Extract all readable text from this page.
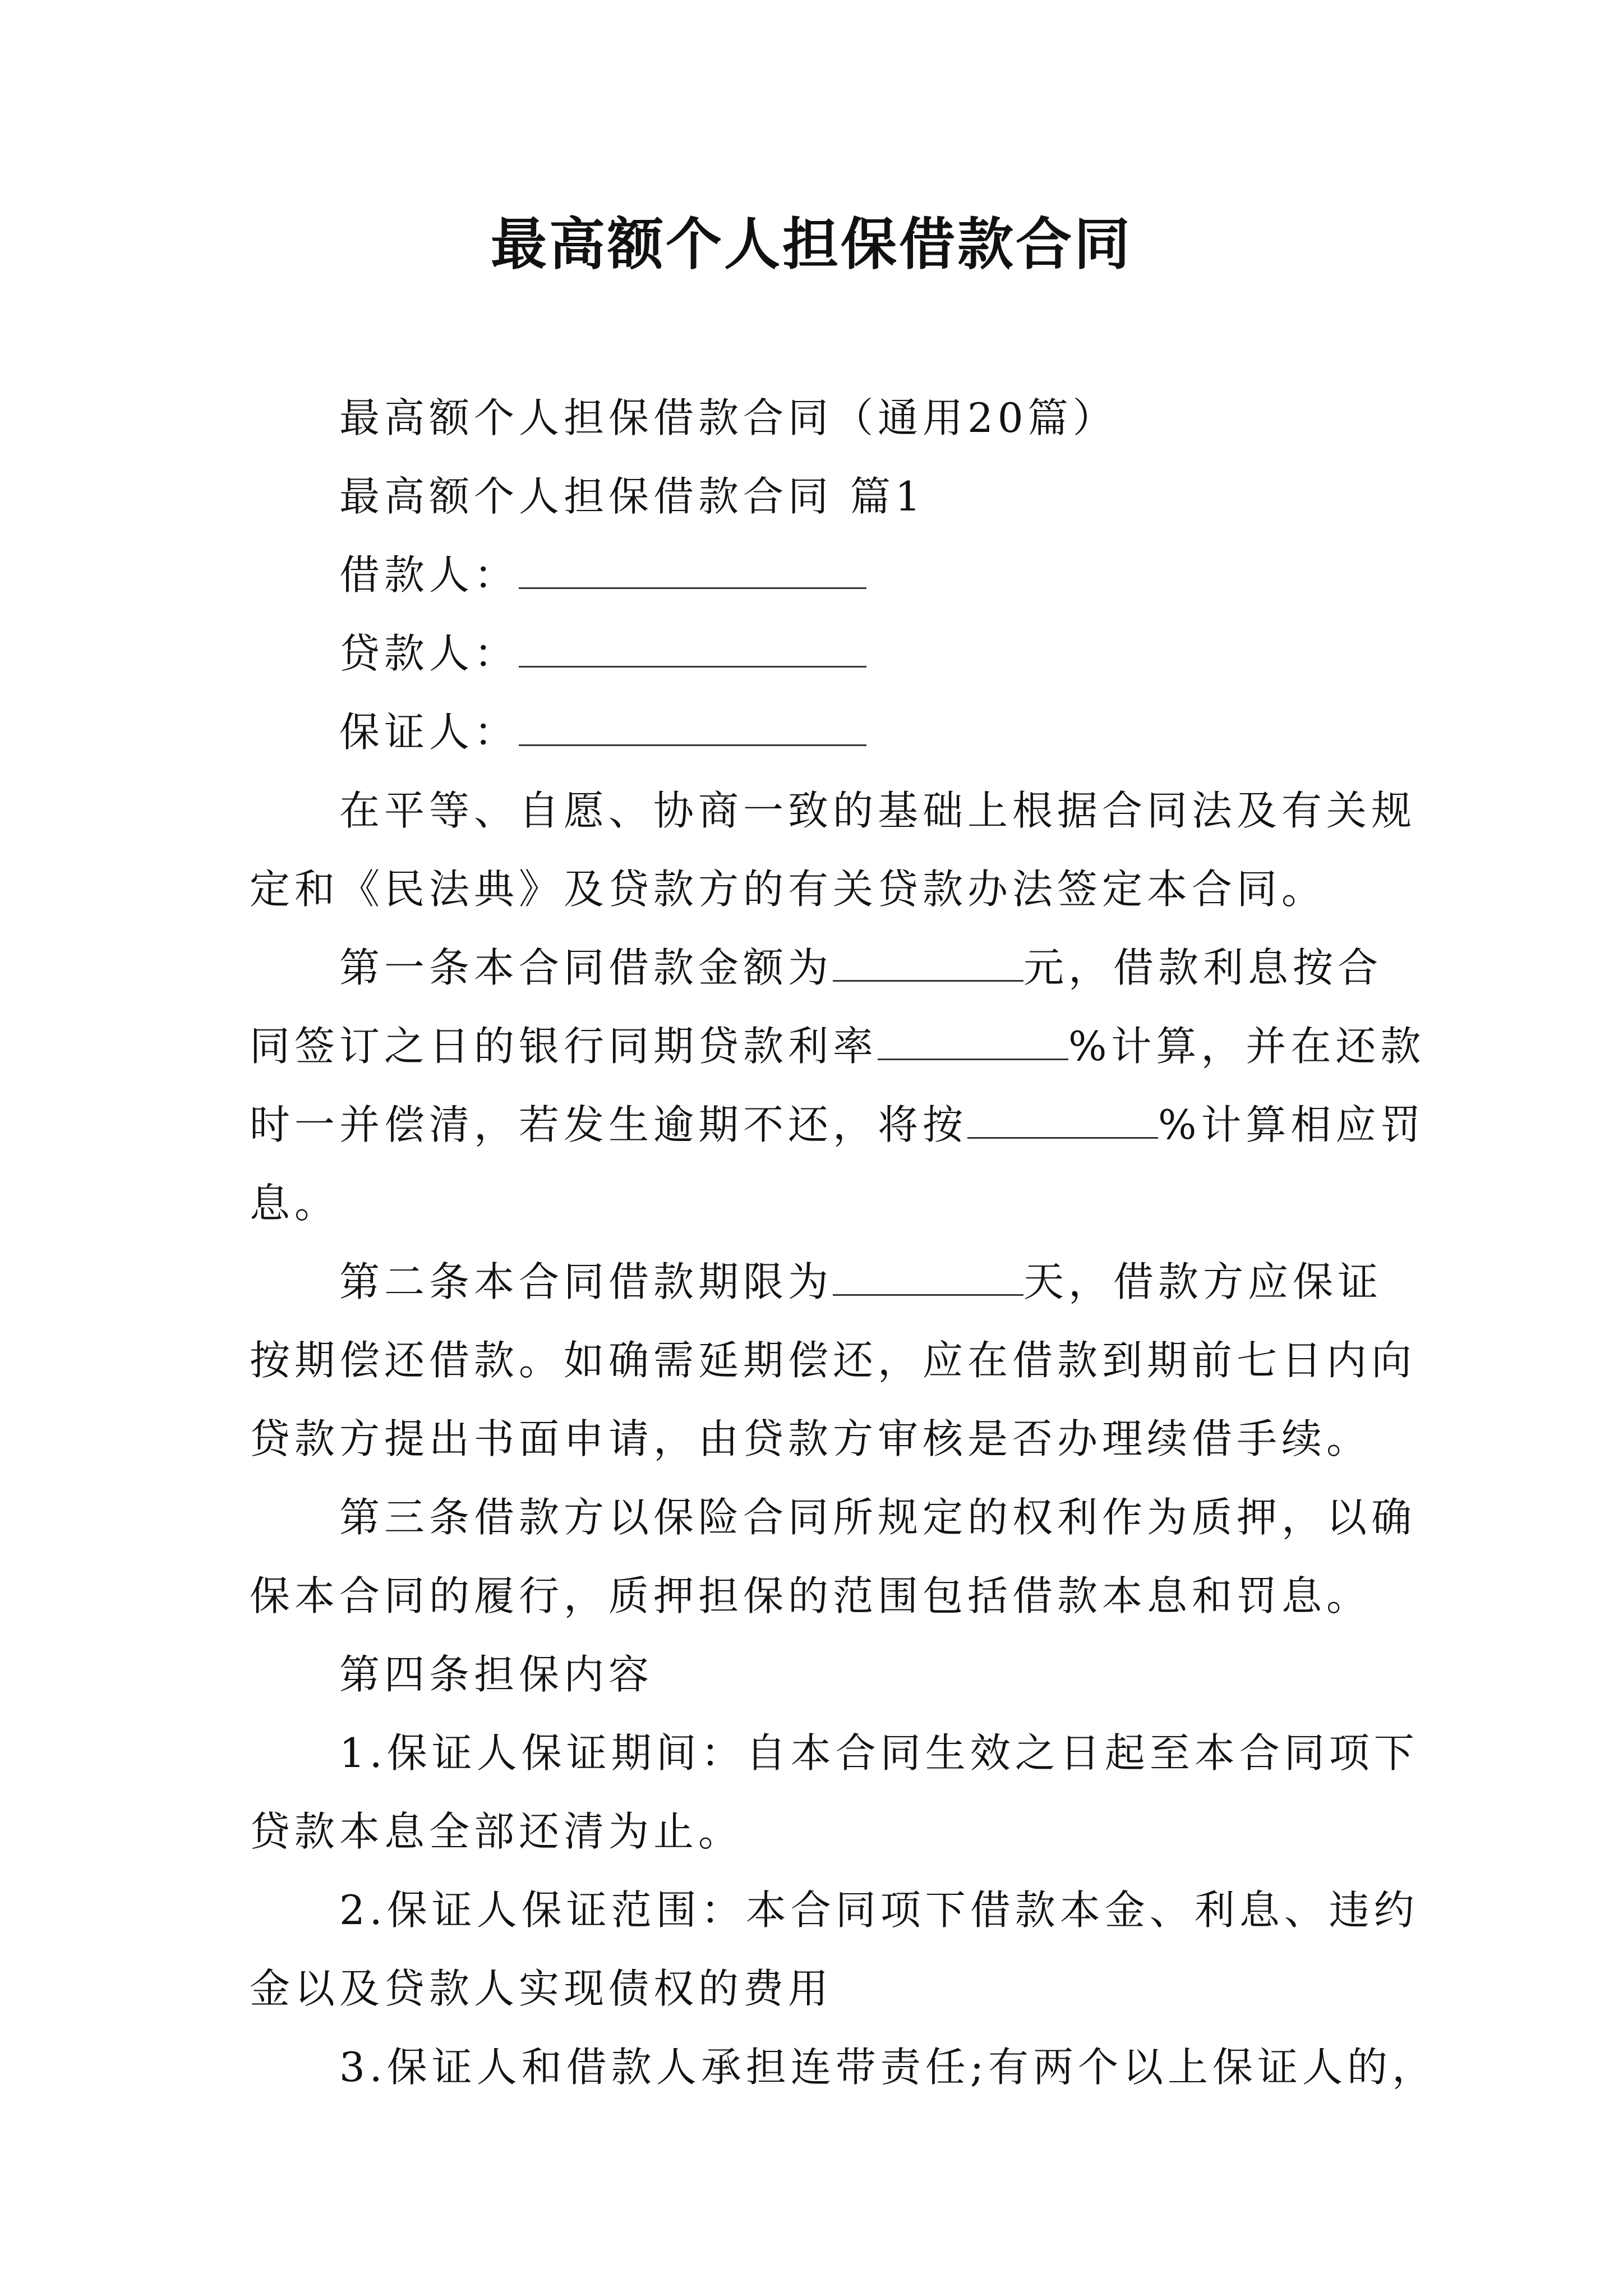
最高额个人担保借款合同
最高额个人担保借款合同（通用20篇）
最高额个人担保借款合同 篇1
借款人：
贷款人：
保证人：
在平等、自愿、协商一致的基础上根据合同法及有关规
定和《民法典》及贷款方的有关贷款办法签定本合同。
第一条本合同借款金额为	元，借款利息按合
同签订之日的银行同期贷款利率	%计算，并在还款
时一并偿清，若发生逾期不还，将按	%计算相应罚
息。
第二条本合同借款期限为	天，借款方应保证
按期偿还借款。如确需延期偿还，应在借款到期前七日内向
贷款方提出书面申请，由贷款方审核是否办理续借手续。
第三条借款方以保险合同所规定的权利作为质押，以确
保本合同的履行，质押担保的范围包括借款本息和罚息。
第四条担保内容
1.保证人保证期间：自本合同生效之日起至本合同项下
贷款本息全部还清为止。
2.保证人保证范围：本合同项下借款本金、利息、违约
金以及贷款人实现债权的费用
3.保证人和借款人承担连带责任;有两个以上保证人的，
